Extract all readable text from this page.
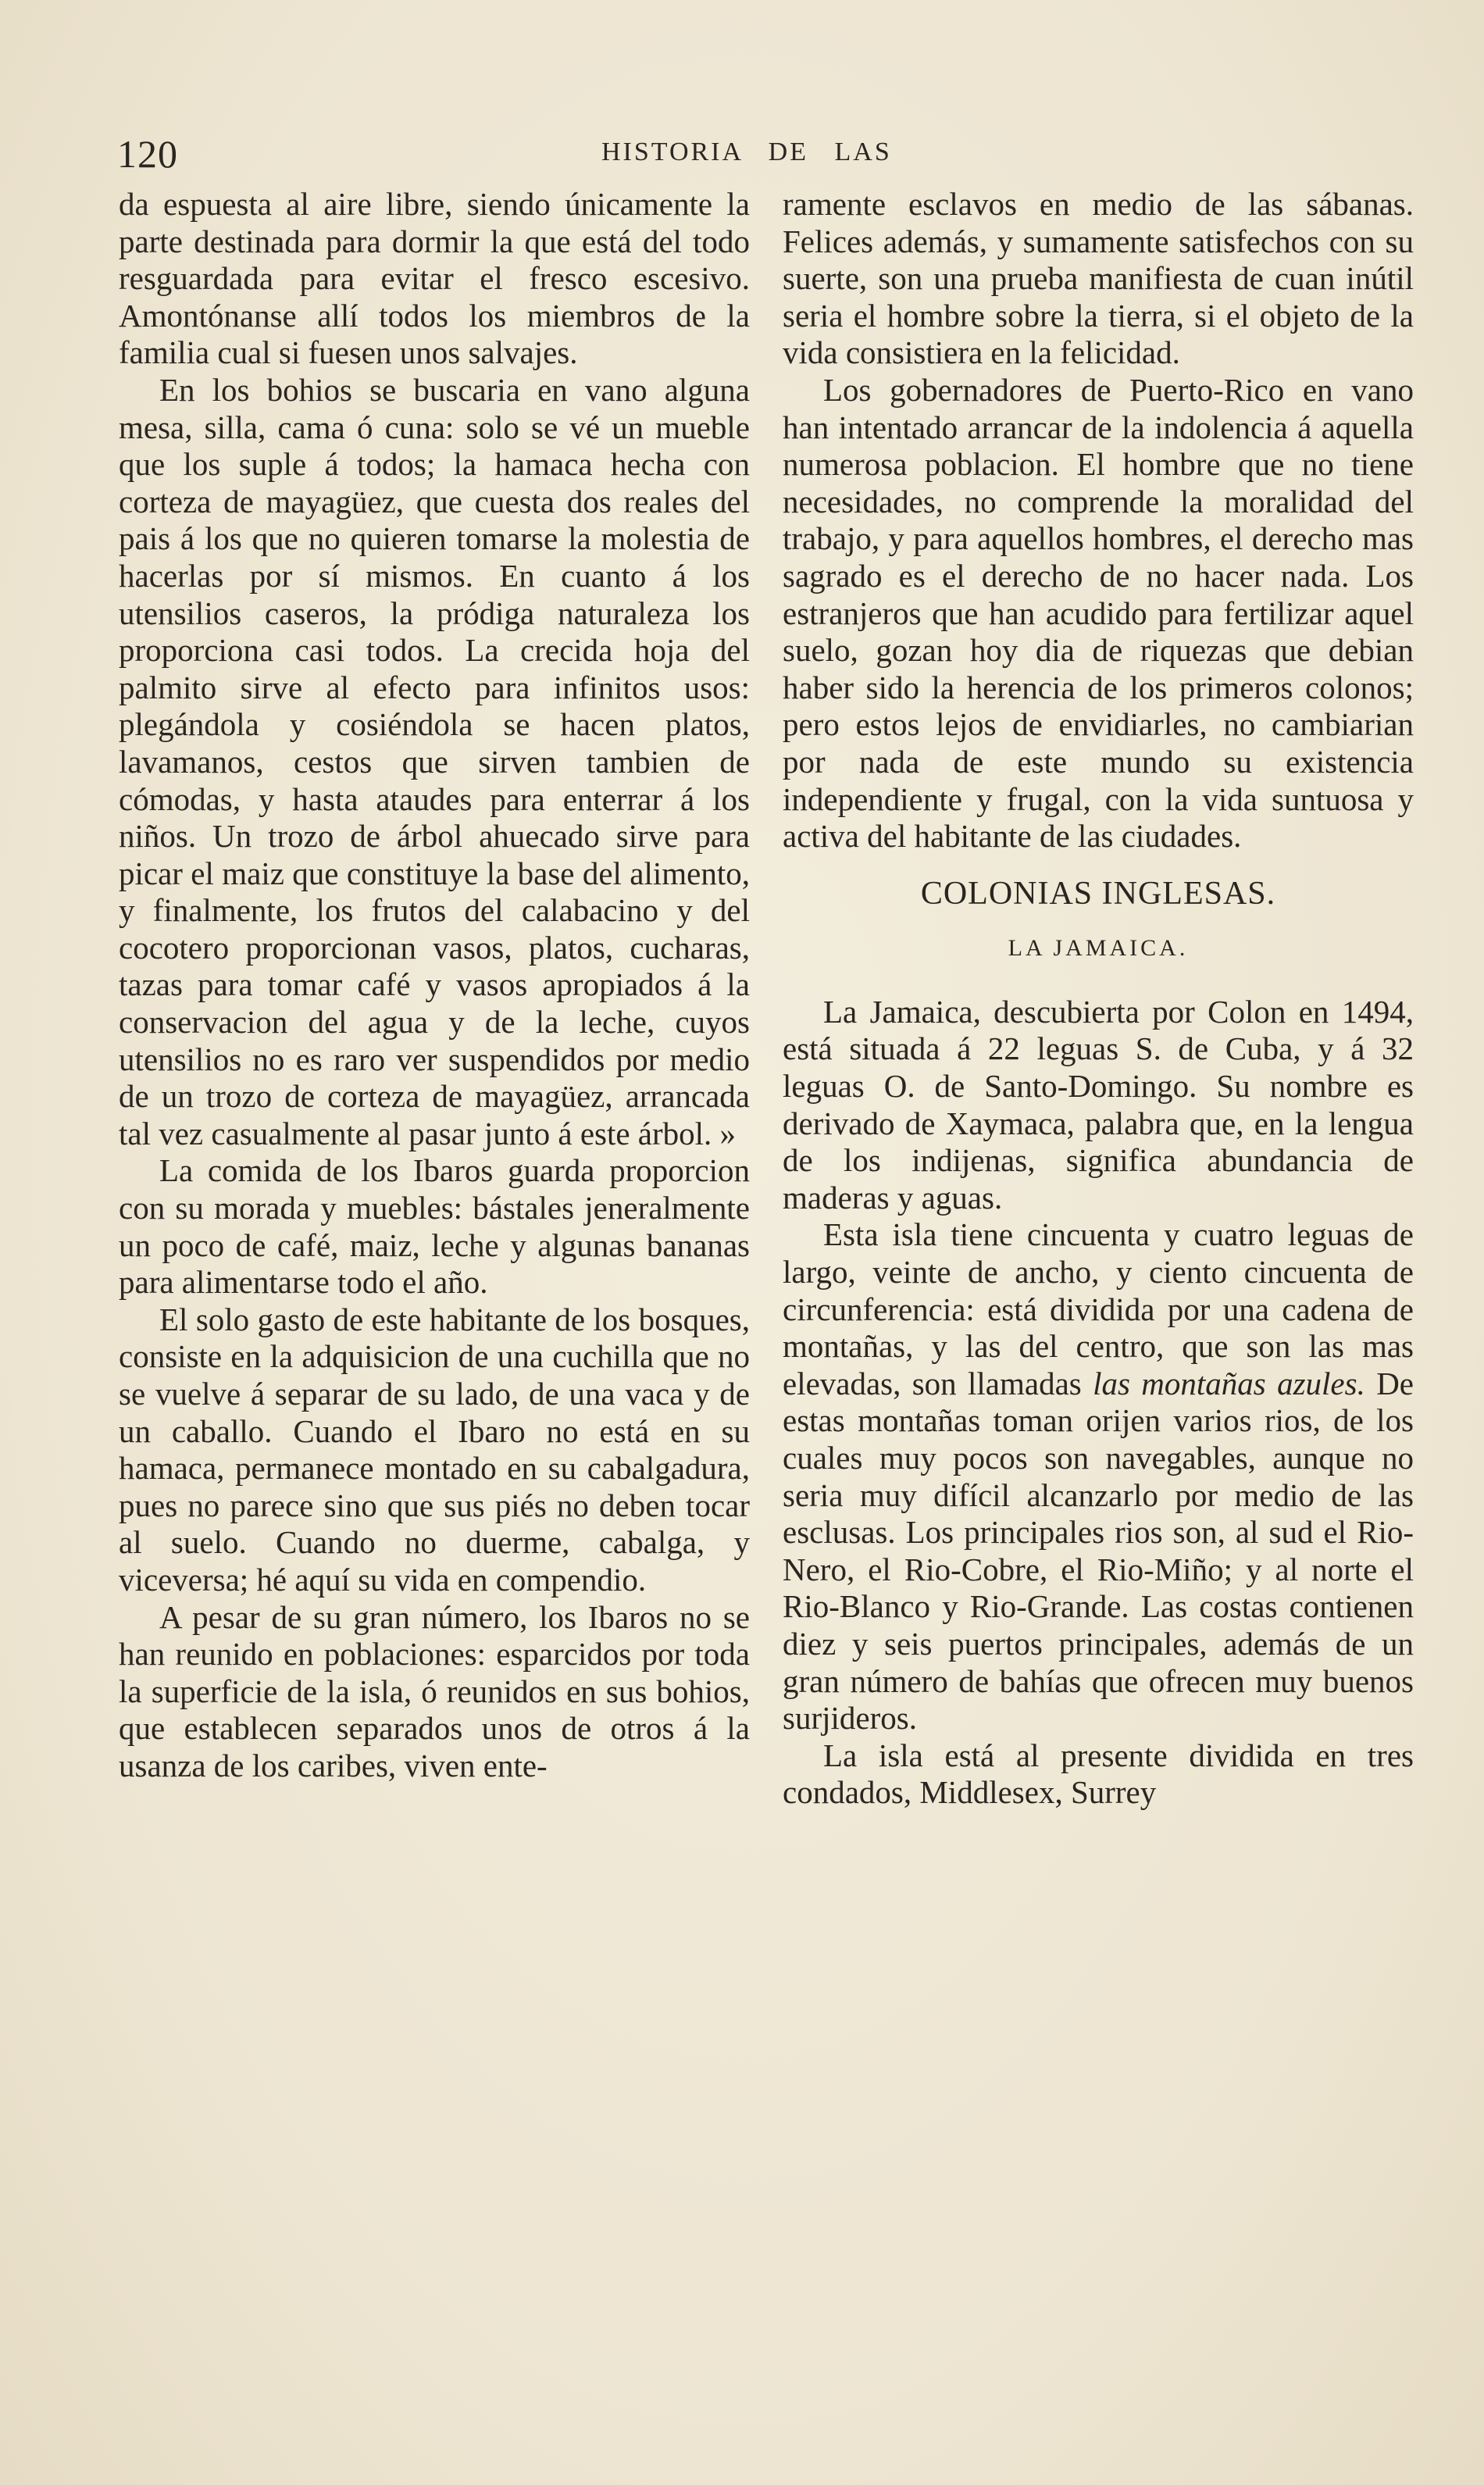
120	HISTORIA DE LAS

da espuesta al aire libre, siendo únicamente la parte destinada para dormir la que está del todo resguardada para evitar el fresco escesivo. Amontónanse allí todos los miembros de la familia cual si fuesen unos salvajes.

En los bohios se buscaria en vano alguna mesa, silla, cama ó cuna: solo se vé un mueble que los suple á todos; la hamaca hecha con corteza de mayagüez, que cuesta dos reales del pais á los que no quieren tomarse la molestia de hacerlas por sí mismos. En cuanto á los utensilios caseros, la pródiga naturaleza los proporciona casi todos. La crecida hoja del palmito sirve al efecto para infinitos usos: plegándola y cosiéndola se hacen platos, lavamanos, cestos que sirven tambien de cómodas, y hasta ataudes para enterrar á los niños. Un trozo de árbol ahuecado sirve para picar el maiz que constituye la base del alimento, y finalmente, los frutos del calabacino y del cocotero proporcionan vasos, platos, cucharas, tazas para tomar café y vasos apropiados á la conservacion del agua y de la leche, cuyos utensilios no es raro ver suspendidos por medio de un trozo de corteza de mayagüez, arrancada tal vez casualmente al pasar junto á este árbol. »

La comida de los Ibaros guarda proporcion con su morada y muebles: bástales jeneralmente un poco de café, maiz, leche y algunas bananas para alimentarse todo el año.

El solo gasto de este habitante de los bosques, consiste en la adquisicion de una cuchilla que no se vuelve á separar de su lado, de una vaca y de un caballo. Cuando el Ibaro no está en su hamaca, permanece montado en su cabalgadura, pues no parece sino que sus piés no deben tocar al suelo. Cuando no duerme, cabalga, y viceversa; hé aquí su vida en compendio.

A pesar de su gran número, los Ibaros no se han reunido en poblaciones: esparcidos por toda la superficie de la isla, ó reunidos en sus bohios, que establecen separados unos de otros á la usanza de los caribes, viven ente-

ramente esclavos en medio de las sábanas. Felices además, y sumamente satisfechos con su suerte, son una prueba manifiesta de cuan inútil seria el hombre sobre la tierra, si el objeto de la vida consistiera en la felicidad.

Los gobernadores de Puerto-Rico en vano han intentado arrancar de la indolencia á aquella numerosa poblacion. El hombre que no tiene necesidades, no comprende la moralidad del trabajo, y para aquellos hombres, el derecho mas sagrado es el derecho de no hacer nada. Los estranjeros que han acudido para fertilizar aquel suelo, gozan hoy dia de riquezas que debian haber sido la herencia de los primeros colonos; pero estos lejos de envidiarles, no cambiarian por nada de este mundo su existencia independiente y frugal, con la vida suntuosa y activa del habitante de las ciudades.

COLONIAS INGLESAS.
LA JAMAICA.

La Jamaica, descubierta por Colon en 1494, está situada á 22 leguas S. de Cuba, y á 32 leguas O. de Santo-Domingo. Su nombre es derivado de Xaymaca, palabra que, en la lengua de los indijenas, significa abundancia de maderas y aguas.

Esta isla tiene cincuenta y cuatro leguas de largo, veinte de ancho, y ciento cincuenta de circunferencia: está dividida por una cadena de montañas, y las del centro, que son las mas elevadas, son llamadas las montañas azules. De estas montañas toman orijen varios rios, de los cuales muy pocos son navegables, aunque no seria muy difícil alcanzarlo por medio de las esclusas. Los principales rios son, al sud el Rio-Nero, el Rio-Cobre, el Rio-Miño; y al norte el Rio-Blanco y Rio-Grande. Las costas contienen diez y seis puertos principales, además de un gran número de bahías que ofrecen muy buenos surjideros.

La isla está al presente dividida en tres condados, Middlesex, Surrey
